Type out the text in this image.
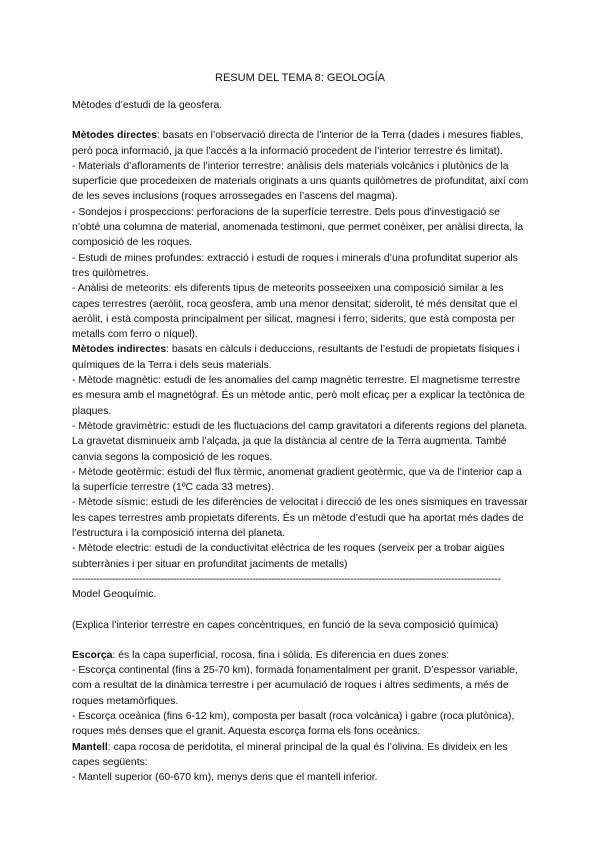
RESUM DEL TEMA 8: GEOLOGÍA

Mètodes d’estudi de la geosfera.

Mètodes directes: basats en l’observació directa de l’interior de la Terra (dades i mesures fiables, però poca informació, ja que l’accés a la informació procedent de l’interior terrestre és limitat).

- Materials d’afloraments de l’interior terrestre: anàlisis dels materials volcànics i plutònics de la superfície que procedeixen de materials originats a uns quants quilòmetres de profunditat, així com de les seves inclusions (roques arrossegades en l’ascens del magma).

- Sondejos i prospeccions: perforacions de la superfície terrestre. Dels pous d’investigació se n’obté una columna de material, anomenada testimoni, que permet conèixer, per anàlisi directa, la composició de les roques.

- Estudi de mines profundes: extracció i estudi de roques i minerals d’una profunditat superior als tres quilòmetres.

- Anàlisi de meteorits: els diferents tipus de meteorits posseeixen una composició similar a les capes terrestres (aeròlit, roca geosfera, amb una menor densitat; siderolit, té més densitat que el aeròlit, i està composta principalment per silicat, magnesi i ferro; siderits, que està composta per metalls com ferro o níquel).

Mètodes indirectes: basats en càlculs i deduccions, resultants de l’estudi de propietats físiques i químiques de la Terra i dels seus materials.

- Mètode magnètic: estudi de les anomalies del camp magnètic terrestre. El magnetisme terrestre es mesura amb el magnetògraf. És un mètode antic, però molt eficaç per a explicar la tectònica de plaques.

- Mètode gravimètric: estudi de les fluctuacions del camp gravitatori a diferents regions del planeta. La gravetat disminueix amb l’alçada, ja que la distància al centre de la Terra augmenta. També canvia segons la composició de les roques.

- Mètode geotèrmic: estudi del flux tèrmic, anomenat gradient geotèrmic, que va de l’interior cap a la superfície terrestre (1ºC cada 33 metres).

- Mètode sísmic: estudi de les diferències de velocitat i direcció de les ones sísmiques en travessar les capes terrestres amb propietats diferents. És un mètode d’estudi que ha aportat més dades de l’estructura i la composició interna del planeta.

- Mètode electric: estudi de la conductivitat elèctrica de les roques (serveix per a trobar aigües subterrànies i per situar en profunditat jaciments de metalls)

--------------------------------------------------------------------------------------------------------------------------------------------

Model Geoquímic.

(Explica l’interior terrestre en capes concèntriques, en funció de la seva composició química)

Escorça: és la capa superficial, rocosa, fina i sòlida. Es diferencia en dues zones:

- Escorça continental (fins a 25-70 km), formada fonamentalment per granit. D’espessor variable, com a resultat de la dinàmica terrestre i per acumulació de roques i altres sediments, a més de roques metamòrfiques.

- Escorça oceànica (fins 6-12 km), composta per basalt (roca volcànica) i gabre (roca plutònica), roques més denses que el granit. Aquesta escorça forma els fons oceànics.

Mantell: capa rocosa de peridotita, el mineral principal de la qual és l’olivina. Es divideix en les capes següents:

- Mantell superior (60-670 km), menys dens que el mantell inferior.
